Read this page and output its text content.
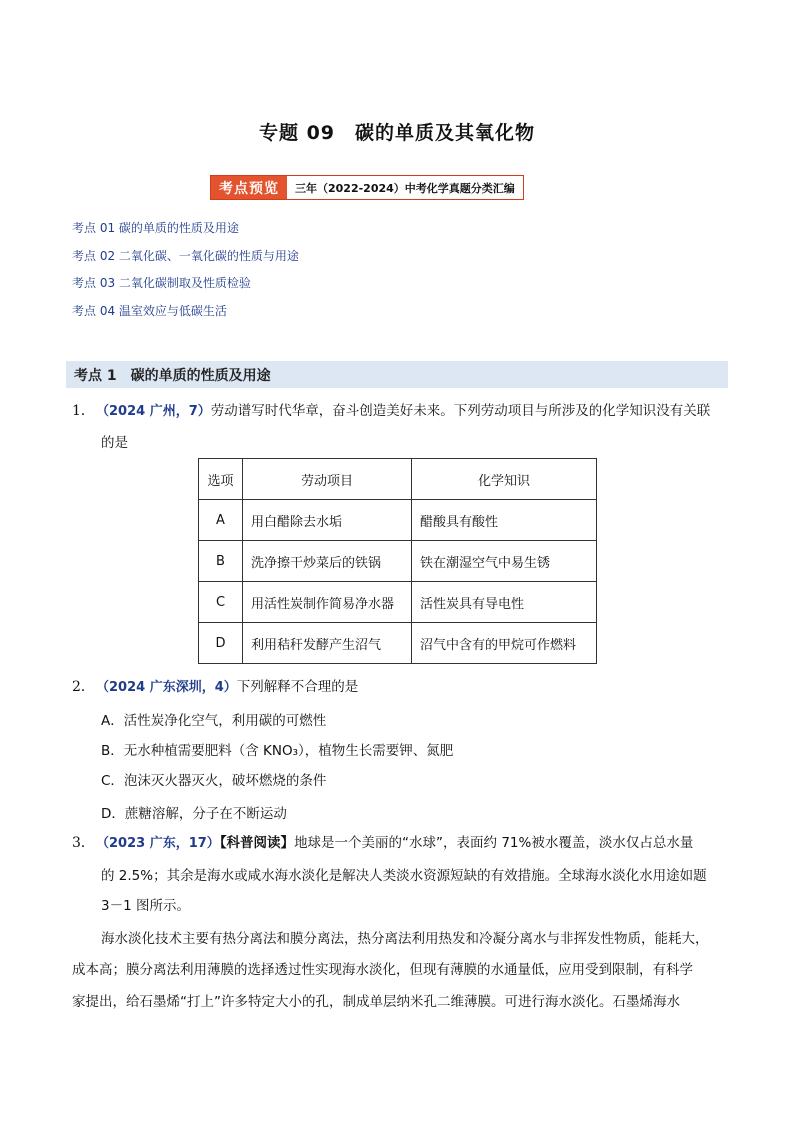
专题 09　碳的单质及其氧化物
考点预览	三年（2022-2024）中考化学真题分类汇编
考点 01 碳的单质的性质及用途
考点 02 二氧化碳、一氧化碳的性质与用途
考点 03 二氧化碳制取及性质检验
考点 04 温室效应与低碳生活
考点 1　碳的单质的性质及用途
1． （2024 广州，7）劳动谱写时代华章，奋斗创造美好未来。下列劳动项目与所涉及的化学知识没有关联
的是
选项	劳动项目	化学知识
A	用白醋除去水垢	醋酸具有酸性
B	洗净擦干炒菜后的铁锅	铁在潮湿空气中易生锈
C	用活性炭制作简易净水器	活性炭具有导电性
D	利用秸秆发酵产生沼气	沼气中含有的甲烷可作燃料
2． （2024 广东深圳，4）下列解释不合理的是
A．活性炭净化空气，利用碳的可燃性
B．无水种植需要肥料（含 KNO₃），植物生长需要钾、氮肥
C．泡沫灭火器灭火，破坏燃烧的条件
D．蔗糖溶解，分子在不断运动
3． （2023 广东，17）【科普阅读】地球是一个美丽的“水球”，表面约 71%被水覆盖，淡水仅占总水量
的 2.5%；其余是海水或咸水海水淡化是解决人类淡水资源短缺的有效措施。全球海水淡化水用途如题
3－1 图所示。
海水淡化技术主要有热分离法和膜分离法，热分离法利用热发和冷凝分离水与非挥发性物质，能耗大，
成本高；膜分离法利用薄膜的选择透过性实现海水淡化，但现有薄膜的水通量低，应用受到限制，有科学
家提出，给石墨烯“打上”许多特定大小的孔，制成单层纳米孔二维薄膜。可进行海水淡化。石墨烯海水
